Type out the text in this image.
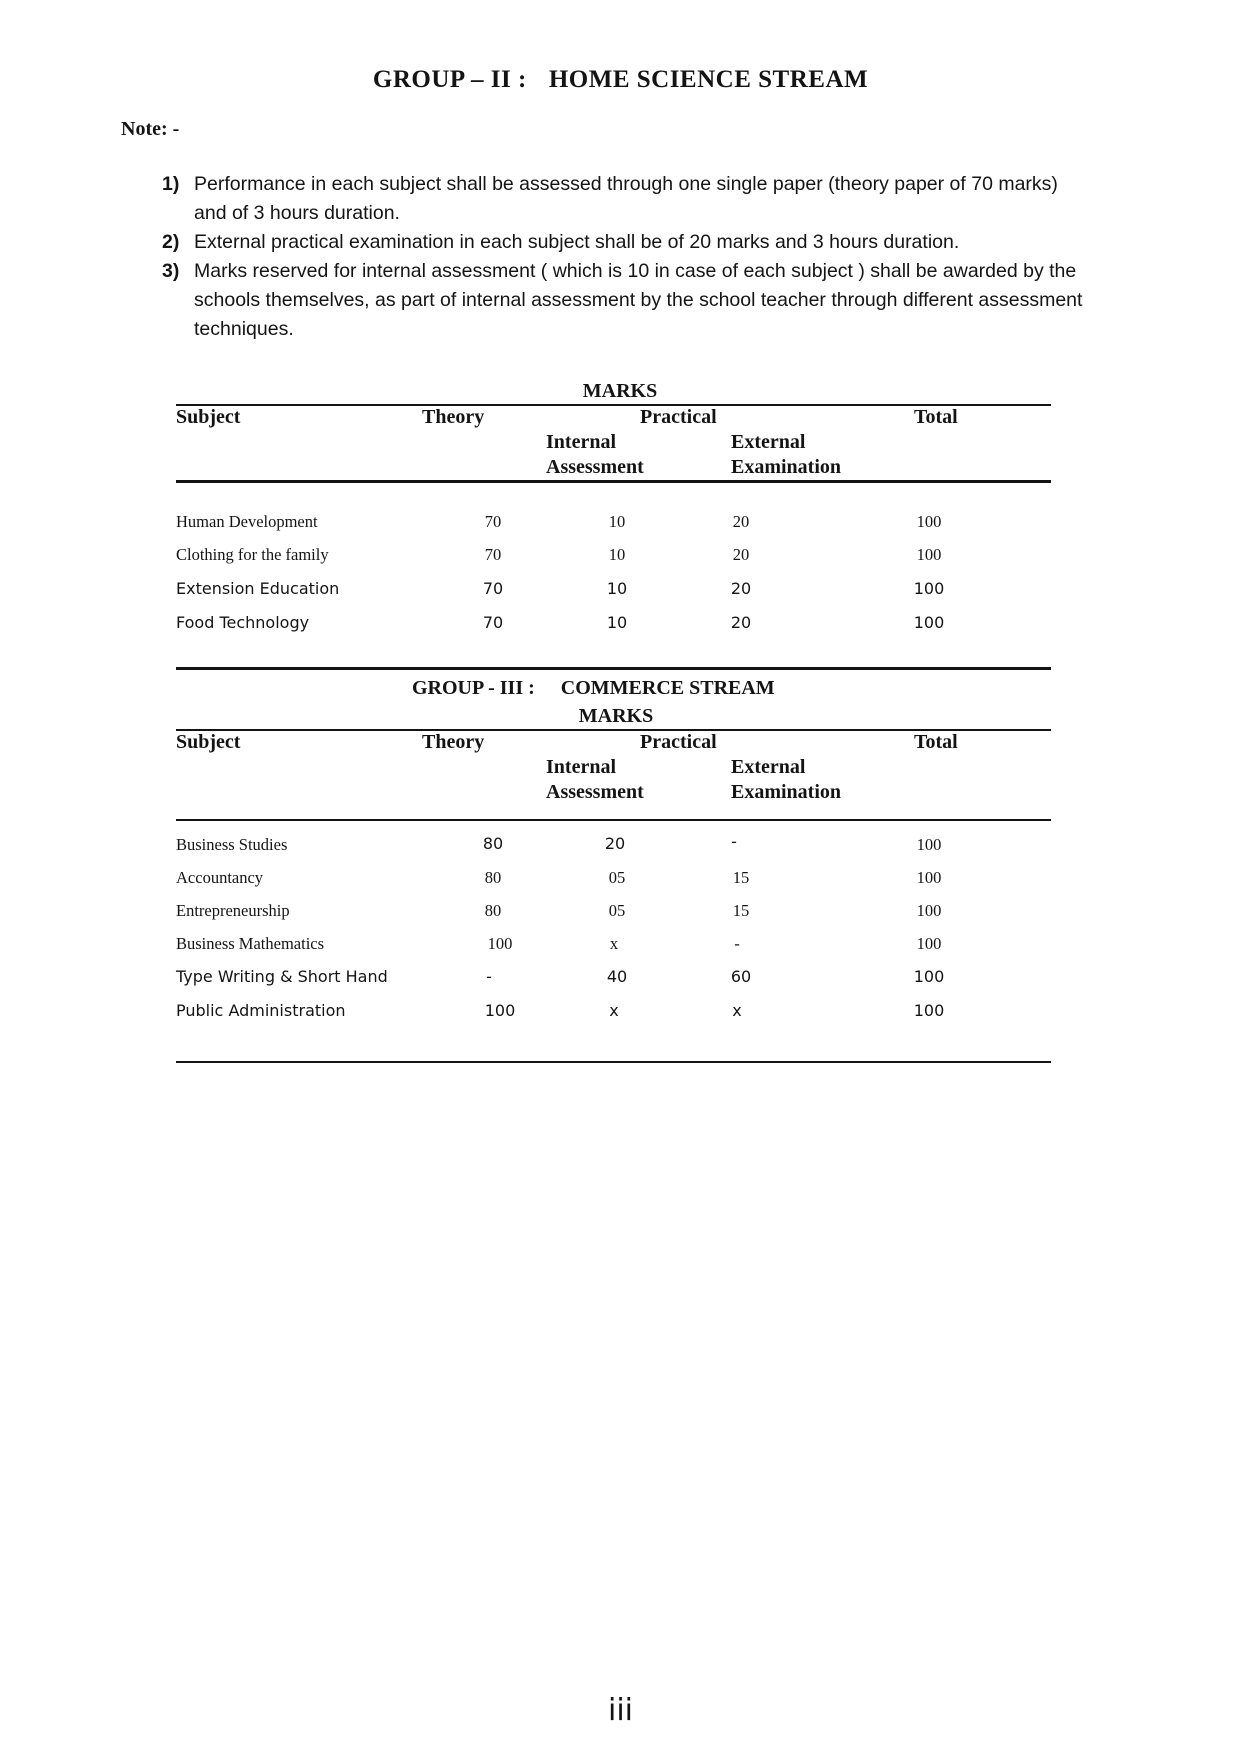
GROUP – II : HOME SCIENCE STREAM
Note: -
1) Performance in each subject shall be assessed through one single paper (theory paper of 70 marks) and of 3 hours duration.
2) External practical examination in each subject shall be of 20 marks and 3 hours duration.
3) Marks reserved for internal assessment ( which is 10 in case of each subject ) shall be awarded by the schools themselves, as part of internal assessment by the school teacher through different assessment techniques.
MARKS
Subject	Theory	Practical	Total
Internal
Assessment
External
Examination
Human Development	70	10	20	100
Clothing for the family	70	10	20	100
Extension Education	70	10	20	100
Food Technology	70	10	20	100
GROUP - III : COMMERCE STREAM
MARKS
Subject	Theory	Practical	Total
Internal
Assessment
External
Examination
Business Studies	80	20	-	100
Accountancy	80	05	15	100
Entrepreneurship	80	05	15	100
Business Mathematics	100	x	-	100
Type Writing & Short Hand	-	40	60	100
Public Administration	100	x	x	100
iii
